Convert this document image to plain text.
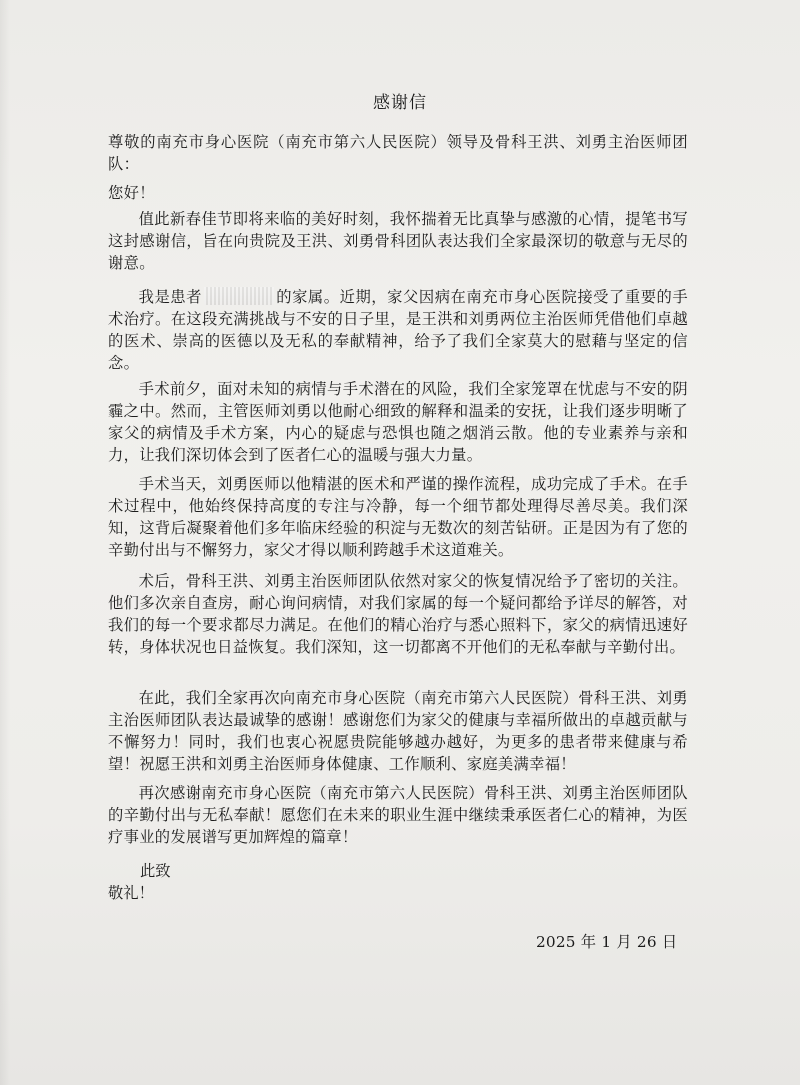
感谢信
尊敬的南充市身心医院（南充市第六人民医院）领导及骨科王洪、刘勇主治医师团队：
您好！
值此新春佳节即将来临的美好时刻，我怀揣着无比真挚与感激的心情，提笔书写这封感谢信，旨在向贵院及王洪、刘勇骨科团队表达我们全家最深切的敬意与无尽的谢意。
我是患者	的家属。近期，家父因病在南充市身心医院接受了重要的手术治疗。在这段充满挑战与不安的日子里，是王洪和刘勇两位主治医师凭借他们卓越的医术、崇高的医德以及无私的奉献精神，给予了我们全家莫大的慰藉与坚定的信念。
手术前夕，面对未知的病情与手术潜在的风险，我们全家笼罩在忧虑与不安的阴霾之中。然而，主管医师刘勇以他耐心细致的解释和温柔的安抚，让我们逐步明晰了家父的病情及手术方案，内心的疑虑与恐惧也随之烟消云散。他的专业素养与亲和力，让我们深切体会到了医者仁心的温暖与强大力量。
手术当天，刘勇医师以他精湛的医术和严谨的操作流程，成功完成了手术。在手术过程中，他始终保持高度的专注与冷静，每一个细节都处理得尽善尽美。我们深知，这背后凝聚着他们多年临床经验的积淀与无数次的刻苦钻研。正是因为有了您的辛勤付出与不懈努力，家父才得以顺利跨越手术这道难关。
术后，骨科王洪、刘勇主治医师团队依然对家父的恢复情况给予了密切的关注。他们多次亲自查房，耐心询问病情，对我们家属的每一个疑问都给予详尽的解答，对我们的每一个要求都尽力满足。在他们的精心治疗与悉心照料下，家父的病情迅速好转，身体状况也日益恢复。我们深知，这一切都离不开他们的无私奉献与辛勤付出。
在此，我们全家再次向南充市身心医院（南充市第六人民医院）骨科王洪、刘勇主治医师团队表达最诚挚的感谢！感谢您们为家父的健康与幸福所做出的卓越贡献与不懈努力！同时，我们也衷心祝愿贵院能够越办越好，为更多的患者带来健康与希望！祝愿王洪和刘勇主治医师身体健康、工作顺利、家庭美满幸福！
再次感谢南充市身心医院（南充市第六人民医院）骨科王洪、刘勇主治医师团队的辛勤付出与无私奉献！愿您们在未来的职业生涯中继续秉承医者仁心的精神，为医疗事业的发展谱写更加辉煌的篇章！
此致
敬礼！
2025 年 1 月 26 日
